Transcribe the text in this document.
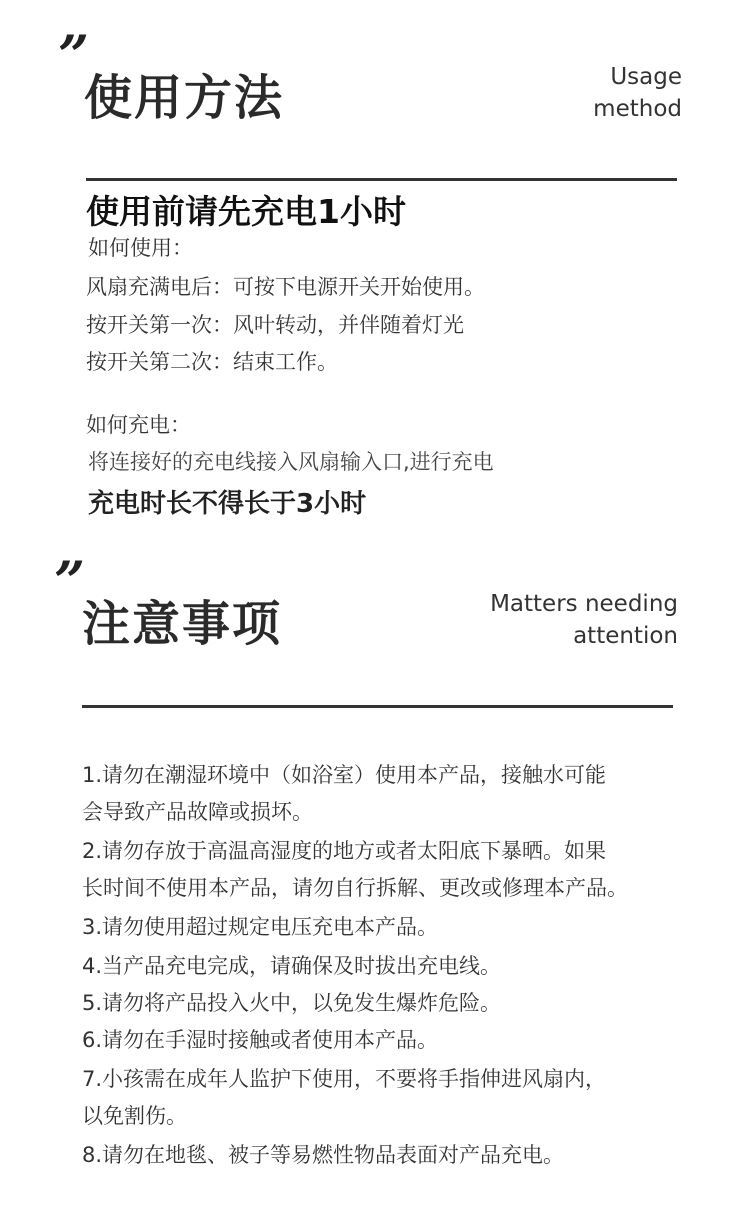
”
使用方法	Usage
method
使用前请先充电1小时
如何使用：
风扇充满电后：可按下电源开关开始使用。
按开关第一次：风叶转动，并伴随着灯光
按开关第二次：结束工作。
如何充电：
将连接好的充电线接入风扇输入口,进行充电
充电时长不得长于3小时
”
注意事项	Matters needing
attention
1.请勿在潮湿环境中（如浴室）使用本产品，接触水可能
会导致产品故障或损坏。
2.请勿存放于高温高湿度的地方或者太阳底下暴晒。如果
长时间不使用本产品，请勿自行拆解、更改或修理本产品。
3.请勿使用超过规定电压充电本产品。
4.当产品充电完成，请确保及时拔出充电线。
5.请勿将产品投入火中，以免发生爆炸危险。
6.请勿在手湿时接触或者使用本产品。
7.小孩需在成年人监护下使用，不要将手指伸进风扇内，
以免割伤。
8.请勿在地毯、被子等易燃性物品表面对产品充电。
